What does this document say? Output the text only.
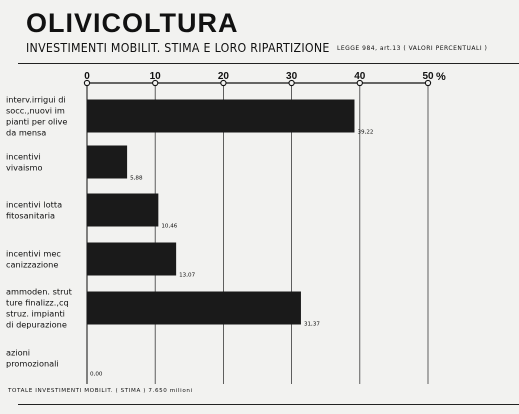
OLIVICOLTURA
INVESTIMENTI MOBILIT. STIMA E LORO RIPARTIZIONE LEGGE 984, art.13 ( VALORI PERCENTUALI )
0	10	20	30	40	50 %
interv.irrigui di
socc.,nuovi im
pianti per olive
da mensa	39,22
incentivi
vivaismo
5,88
incentivi lotta
fitosanitaria
10,46
incentivi mec
canizzazione
13,07
ammoden. strut
ture finalizz.,cq
struz. impianti
di depurazione	31,37
azioni
promozionali
0,00
TOTALE INVESTIMENTI MOBILIT. ( STIMA ) 7.650 milioni
